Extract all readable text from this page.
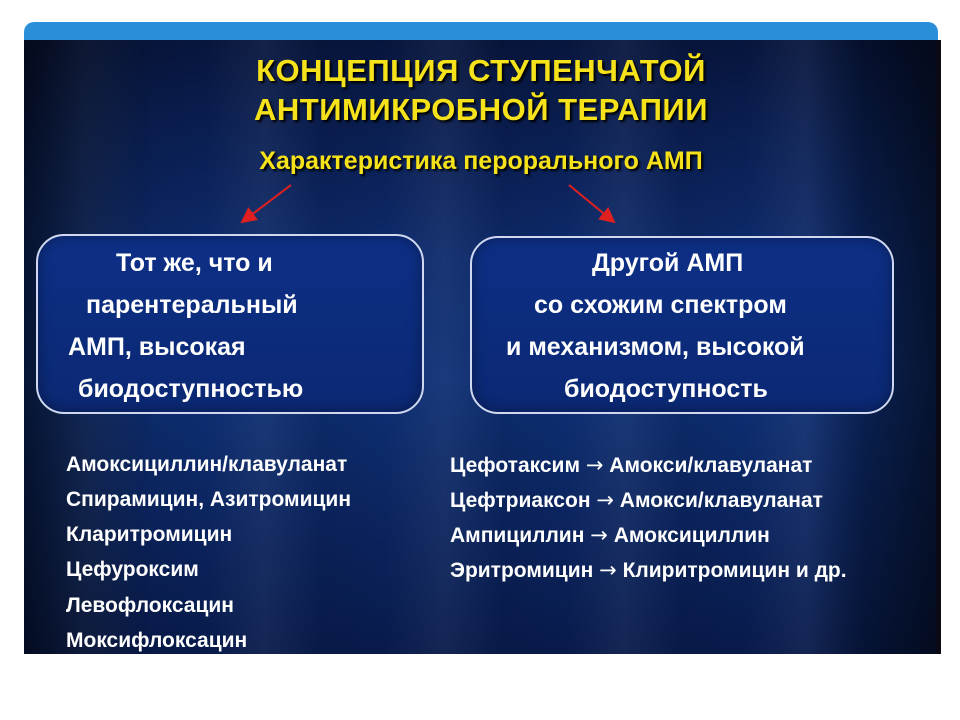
КОНЦЕПЦИЯ СТУПЕНЧАТОЙ
АНТИМИКРОБНОЙ ТЕРАПИИ
Характеристика перорального АМП
Тот же, что и
парентеральный
АМП, высокая
биодоступностью
Другой АМП
со схожим спектром
и механизмом, высокой
биодоступность
Амоксициллин/клавуланат
Спирамицин, Азитромицин
Кларитромицин
Цефуроксим
Левофлоксацин
Моксифлоксацин
Цефотаксим → Амокси/клавуланат
Цефтриаксон → Амокси/клавуланат
Ампициллин → Амоксициллин
Эритромицин → Клиритромицин и др.
